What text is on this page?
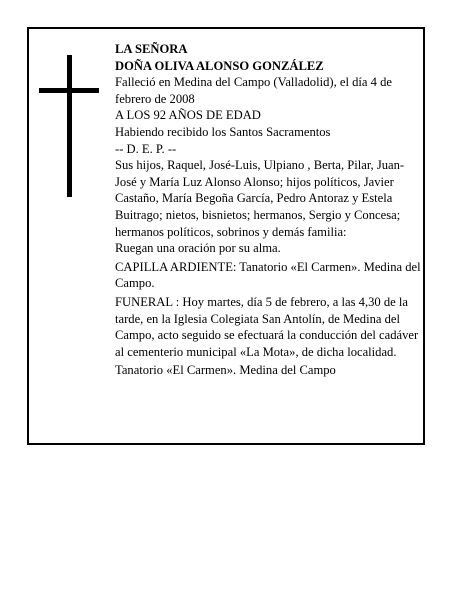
LA SEÑORA

DOÑA OLIVA ALONSO GONZÁLEZ

Falleció en Medina del Campo (Valladolid), el día 4 de febrero de 2008

A LOS 92 AÑOS DE EDAD

Habiendo recibido los Santos Sacramentos

-- D. E. P. --

Sus hijos, Raquel, José-Luis, Ulpiano , Berta, Pilar, Juan-José y María Luz Alonso Alonso; hijos políticos, Javier Castaño, María Begoña García, Pedro Antoraz y Estela Buitrago; nietos, bisnietos; hermanos, Sergio y Concesa; hermanos políticos, sobrinos y demás familia:

Ruegan una oración por su alma.

CAPILLA ARDIENTE: Tanatorio «El Carmen». Medina del Campo.

FUNERAL : Hoy martes, día 5 de febrero, a las 4,30 de la tarde, en la Iglesia Colegiata San Antolín, de Medina del Campo, acto seguido se efectuará la conducción del cadáver al cementerio municipal «La Mota», de dicha localidad.

Tanatorio «El Carmen». Medina del Campo
